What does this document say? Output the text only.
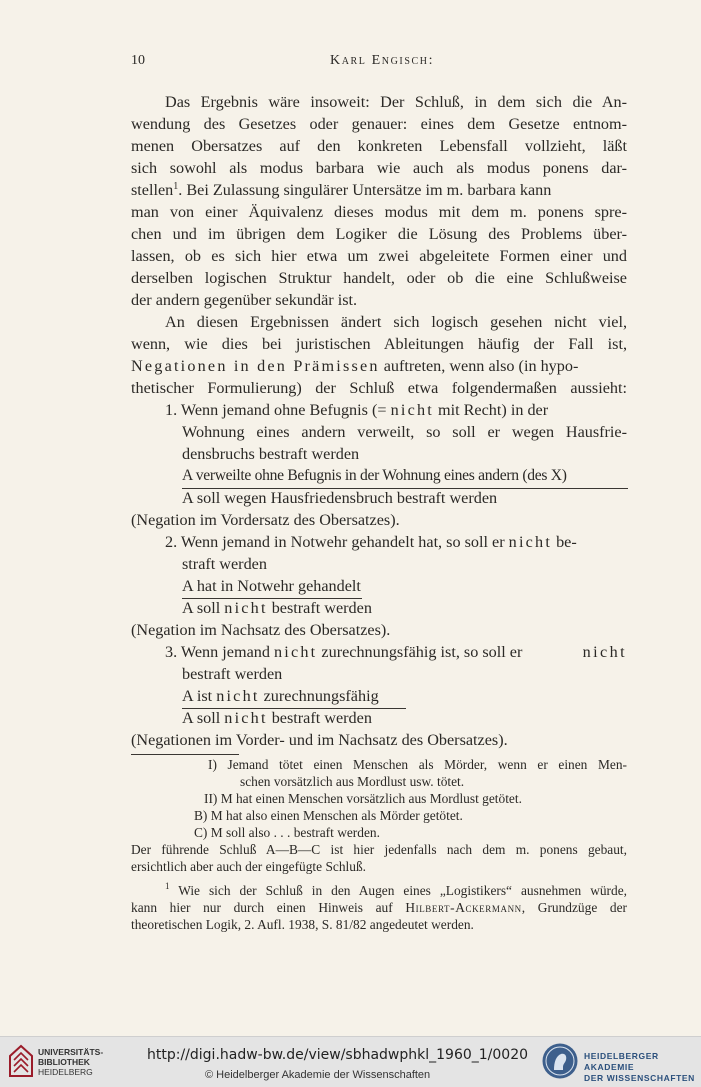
10	Karl Engisch:
Das Ergebnis wäre insoweit: Der Schluß, in dem sich die An-
wendung des Gesetzes oder genauer: eines dem Gesetze entnom-
menen Obersatzes auf den konkreten Lebensfall vollzieht, läßt
sich sowohl als modus barbara wie auch als modus ponens dar-
stellen$^1$. Bei Zulassung singulärer Untersätze im m. barbara kann
man von einer Äquivalenz dieses modus mit dem m. ponens spre-
chen und im übrigen dem Logiker die Lösung des Problems über-
lassen, ob es sich hier etwa um zwei abgeleitete Formen einer und
derselben logischen Struktur handelt, oder ob die eine Schlußweise
der andern gegenüber sekundär ist.
An diesen Ergebnissen ändert sich logisch gesehen nicht viel,
wenn, wie dies bei juristischen Ableitungen häufig der Fall ist,
Negationen in den Prämissen auftreten, wenn also (in hypo-
thetischer Formulierung) der Schluß etwa folgendermaßen aussieht:
1. Wenn jemand ohne Befugnis (= nicht mit Recht) in der
Wohnung eines andern verweilt, so soll er wegen Hausfrie-
densbruchs bestraft werden
A verweilte ohne Befugnis in der Wohnung eines andern (des X)
A soll wegen Hausfriedensbruch bestraft werden
(Negation im Vordersatz des Obersatzes).
2. Wenn jemand in Notwehr gehandelt hat, so soll er nicht be-
straft werden
A hat in Notwehr gehandelt
A soll nicht bestraft werden
(Negation im Nachsatz des Obersatzes).
3. Wenn jemand nicht zurechnungsfähig ist, so soll er	nicht
bestraft werden
A ist nicht zurechnungsfähig
A soll nicht bestraft werden
(Negationen im Vorder- und im Nachsatz des Obersatzes).
I) Jemand tötet einen Menschen als Mörder, wenn er einen Men-
schen vorsätzlich aus Mordlust usw. tötet.
II) M hat einen Menschen vorsätzlich aus Mordlust getötet.
B) M hat also einen Menschen als Mörder getötet.
C) M soll also . . . bestraft werden.
Der führende Schluß A—B—C ist hier jedenfalls nach dem m. ponens gebaut,
ersichtlich aber auch der eingefügte Schluß.
$^1$ Wie sich der Schluß in den Augen eines „Logistikers“ ausnehmen würde,
kann hier nur durch einen Hinweis auf Hilbert-Ackermann, Grundzüge der
theoretischen Logik, 2. Aufl. 1938, S. 81/82 angedeutet werden.
UNIVERSITÄTS-
BIBLIOTHEK
HEIDELBERG
http://digi.hadw-bw.de/view/sbhadwphkl_1960_1/0020
© Heidelberger Akademie der Wissenschaften
HEIDELBERGER AKADEMIE
DER WISSENSCHAFTEN
